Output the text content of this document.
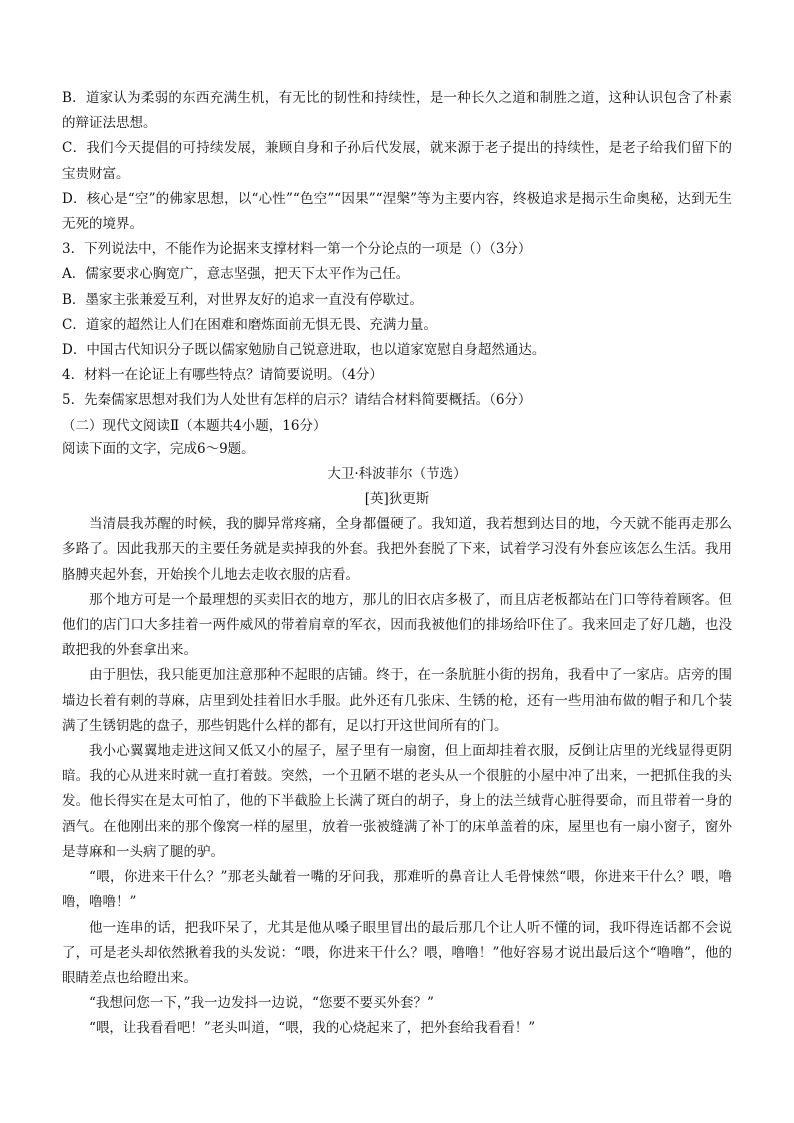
B．道家认为柔弱的东西充满生机，有无比的韧性和持续性，是一种长久之道和制胜之道，这种认识包含了朴素的辩证法思想。
C．我们今天提倡的可持续发展，兼顾自身和子孙后代发展，就来源于老子提出的持续性，是老子给我们留下的宝贵财富。
D．核心是“空”的佛家思想，以“心性”“色空”“因果”“涅槃”等为主要内容，终极追求是揭示生命奥秘，达到无生无死的境界。
3．下列说法中，不能作为论据来支撑材料一第一个分论点的一项是（）（3分）
A．儒家要求心胸宽广，意志坚强，把天下太平作为己任。
B．墨家主张兼爱互利，对世界友好的追求一直没有停歇过。
C．道家的超然让人们在困难和磨炼面前无惧无畏、充满力量。
D．中国古代知识分子既以儒家勉励自己锐意进取，也以道家宽慰自身超然通达。
4．材料一在论证上有哪些特点？请简要说明。（4分）
5．先秦儒家思想对我们为人处世有怎样的启示？请结合材料简要概括。（6分）
（二）现代文阅读Ⅱ（本题共4小题，16分）
阅读下面的文字，完成6～9题。
大卫·科波菲尔（节选）
[英]狄更斯
当清晨我苏醒的时候，我的脚异常疼痛，全身都僵硬了。我知道，我若想到达目的地，今天就不能再走那么多路了。因此我那天的主要任务就是卖掉我的外套。我把外套脱了下来，试着学习没有外套应该怎么生活。我用胳膊夹起外套，开始挨个儿地去走收衣服的店看。
那个地方可是一个最理想的买卖旧衣的地方，那儿的旧衣店多极了，而且店老板都站在门口等待着顾客。但他们的店门口大多挂着一两件威风的带着肩章的军衣，因而我被他们的排场给吓住了。我来回走了好几趟，也没敢把我的外套拿出来。
由于胆怯，我只能更加注意那种不起眼的店铺。终于，在一条肮脏小街的拐角，我看中了一家店。店旁的围墙边长着有刺的荨麻，店里到处挂着旧水手服。此外还有几张床、生锈的枪，还有一些用油布做的帽子和几个装满了生锈钥匙的盘子，那些钥匙什么样的都有，足以打开这世间所有的门。
我小心翼翼地走进这间又低又小的屋子，屋子里有一扇窗，但上面却挂着衣服，反倒让店里的光线显得更阴暗。我的心从进来时就一直打着鼓。突然，一个丑陋不堪的老头从一个很脏的小屋中冲了出来，一把抓住我的头发。他长得实在是太可怕了，他的下半截脸上长满了斑白的胡子，身上的法兰绒背心脏得要命，而且带着一身的酒气。在他刚出来的那个像窝一样的屋里，放着一张被缝满了补丁的床单盖着的床，屋里也有一扇小窗子，窗外是荨麻和一头病了腿的驴。
“喂，你进来干什么？”那老头龇着一嘴的牙问我，那难听的鼻音让人毛骨悚然“喂，你进来干什么？喂，噜噜，噜噜！”
他一连串的话，把我吓呆了，尤其是他从嗓子眼里冒出的最后那几个让人听不懂的词，我吓得连话都不会说了，可是老头却依然揪着我的头发说：“喂，你进来干什么？喂，噜噜！”他好容易才说出最后这个“噜噜”，他的眼睛差点也给瞪出来。
“我想问您一下，”我一边发抖一边说，“您要不要买外套？”
“喂，让我看看吧！”老头叫道，“喂，我的心烧起来了，把外套给我看看！”
